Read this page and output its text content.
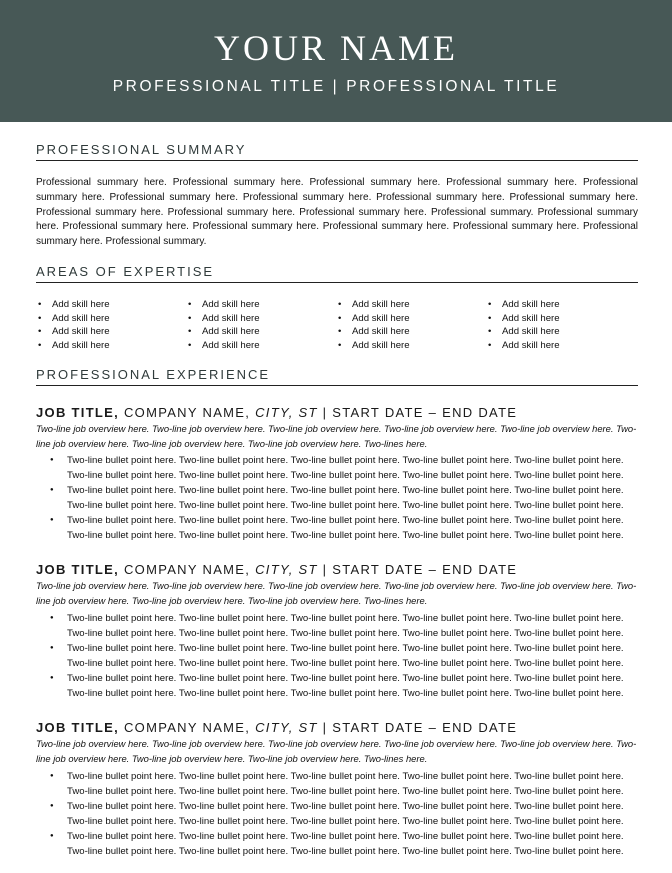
YOUR NAME
PROFESSIONAL TITLE | PROFESSIONAL TITLE
PROFESSIONAL SUMMARY
Professional summary here. Professional summary here. Professional summary here. Professional summary here. Professional summary here. Professional summary here. Professional summary here. Professional summary here. Professional summary here. Professional summary here. Professional summary here. Professional summary here. Professional summary. Professional summary here. Professional summary here. Professional summary here. Professional summary here. Professional summary here. Professional summary here. Professional summary.
AREAS OF EXPERTISE
• Add skill here
• Add skill here
• Add skill here
• Add skill here
• Add skill here
• Add skill here
• Add skill here
• Add skill here
• Add skill here
• Add skill here
• Add skill here
• Add skill here
• Add skill here
• Add skill here
• Add skill here
• Add skill here
PROFESSIONAL EXPERIENCE
JOB TITLE, COMPANY NAME, CITY, ST | START DATE – END DATE
Two-line job overview here. Two-line job overview here. Two-line job overview here. Two-line job overview here. Two-line job overview here. Two-line job overview here. Two-line job overview here. Two-line job overview here. Two-lines here.
● Two-line bullet point here. Two-line bullet point here. Two-line bullet point here. Two-line bullet point here. Two-line bullet point here. Two-line bullet point here. Two-line bullet point here. Two-line bullet point here. Two-line bullet point here. Two-line bullet point here.
● Two-line bullet point here. Two-line bullet point here. Two-line bullet point here. Two-line bullet point here. Two-line bullet point here. Two-line bullet point here. Two-line bullet point here. Two-line bullet point here. Two-line bullet point here. Two-line bullet point here.
● Two-line bullet point here. Two-line bullet point here. Two-line bullet point here. Two-line bullet point here. Two-line bullet point here. Two-line bullet point here. Two-line bullet point here. Two-line bullet point here. Two-line bullet point here. Two-line bullet point here.
JOB TITLE, COMPANY NAME, CITY, ST | START DATE – END DATE
Two-line job overview here. Two-line job overview here. Two-line job overview here. Two-line job overview here. Two-line job overview here. Two-line job overview here. Two-line job overview here. Two-line job overview here. Two-lines here.
● Two-line bullet point here. Two-line bullet point here. Two-line bullet point here. Two-line bullet point here. Two-line bullet point here. Two-line bullet point here. Two-line bullet point here. Two-line bullet point here. Two-line bullet point here. Two-line bullet point here.
● Two-line bullet point here. Two-line bullet point here. Two-line bullet point here. Two-line bullet point here. Two-line bullet point here. Two-line bullet point here. Two-line bullet point here. Two-line bullet point here. Two-line bullet point here. Two-line bullet point here.
● Two-line bullet point here. Two-line bullet point here. Two-line bullet point here. Two-line bullet point here. Two-line bullet point here. Two-line bullet point here. Two-line bullet point here. Two-line bullet point here. Two-line bullet point here. Two-line bullet point here.
JOB TITLE, COMPANY NAME, CITY, ST | START DATE – END DATE
Two-line job overview here. Two-line job overview here. Two-line job overview here. Two-line job overview here. Two-line job overview here. Two-line job overview here. Two-line job overview here. Two-line job overview here. Two-lines here.
● Two-line bullet point here. Two-line bullet point here. Two-line bullet point here. Two-line bullet point here. Two-line bullet point here. Two-line bullet point here. Two-line bullet point here. Two-line bullet point here. Two-line bullet point here. Two-line bullet point here.
● Two-line bullet point here. Two-line bullet point here. Two-line bullet point here. Two-line bullet point here. Two-line bullet point here. Two-line bullet point here. Two-line bullet point here. Two-line bullet point here. Two-line bullet point here. Two-line bullet point here.
● Two-line bullet point here. Two-line bullet point here. Two-line bullet point here. Two-line bullet point here. Two-line bullet point here. Two-line bullet point here. Two-line bullet point here. Two-line bullet point here. Two-line bullet point here. Two-line bullet point here.
